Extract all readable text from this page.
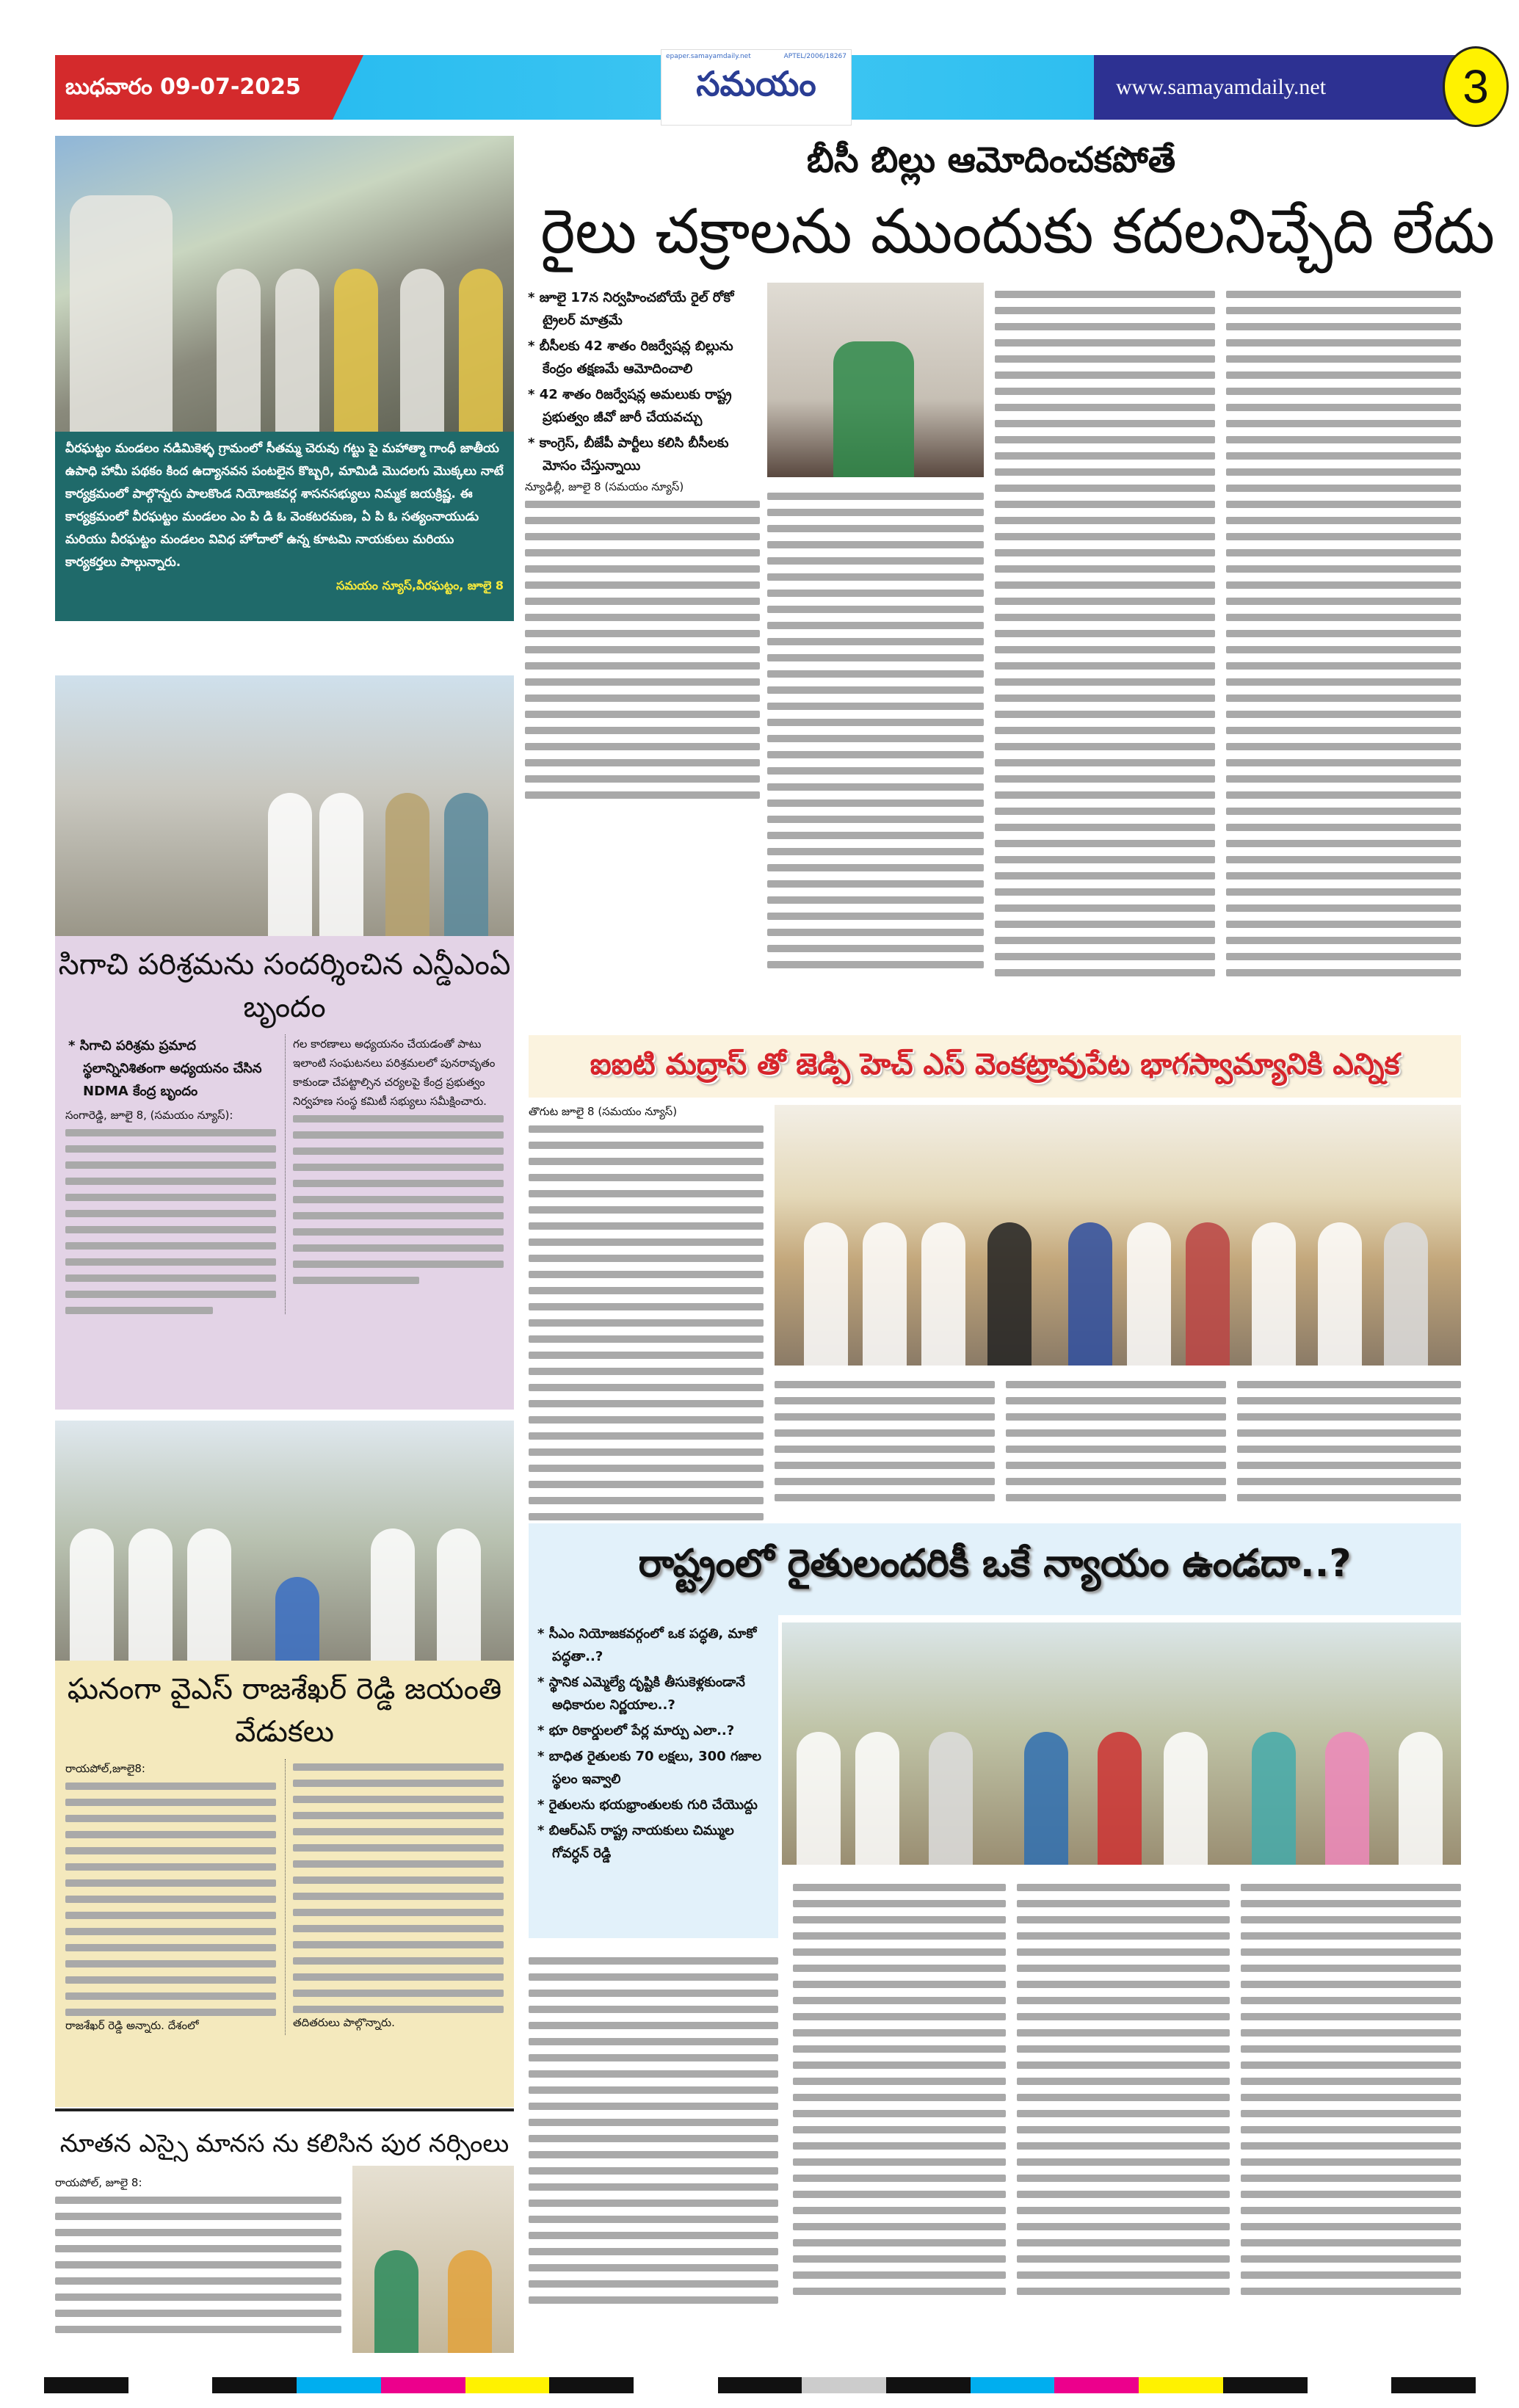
బుధవారం 09-07-2025
epaper.samayamdaily.net	APTEL/2006/18267
సమయం	www.samayamdaily.net	3
వీరఘట్టం మండలం నడిమికెళ్ళ గ్రామంలో సీతమ్మ చెరువు గట్టు పై మహాత్మా గాంధీ జాతీయ ఉపాధి హామీ పథకం కింద ఉద్యానవన పంటలైన కొబ్బరి, మామిడి మొదలగు మొక్కలు నాటే కార్యక్రమంలో పాల్గొన్నరు పాలకొండ నియోజకవర్గ శాసనసభ్యులు నిమ్మక జయక్రిష్ణ. ఈ కార్యక్రమంలో వీరఘట్టం మండలం ఎం పి డి ఓ వెంకటరమణ, ఏ పి ఓ సత్యంనాయుడు మరియు వీరఘట్టం మండలం వివిధ హోదాలో ఉన్న కూటమి నాయకులు మరియు కార్యకర్తలు పాల్గున్నారు.
సమయం న్యూస్,వీరఘట్టం, జూలై 8
సిగాచి పరిశ్రమను సందర్శించిన ఎన్డీఎంఏ బృందం
* సిగాచి పరిశ్రమ ప్రమాద స్థలాన్నినిశితంగా అధ్యయనం చేసిన NDMA కేంద్ర బృందం
సంగారెడ్డి, జూలై 8, (సమయం న్యూస్):
గల కారణాలు అధ్యయనం చేయడంతో పాటు ఇలాంటి సంఘటనలు పరిశ్రమలలో పునరావృతం కాకుండా చేపట్టాల్సిన చర్యలపై కేంద్ర ప్రభుత్వం నిర్వహణ సంస్థ కమిటీ సభ్యులు సమీక్షించారు.
ఘనంగా వైఎస్ రాజశేఖర్ రెడ్డి జయంతి వేడుకలు
రాయపోల్,జూలై8:
రాజశేఖర్ రెడ్డి అన్నారు. దేశంలో	తదితరులు పాల్గొన్నారు.
నూతన ఎస్సై మానస ను కలిసిన పుర నర్సింలు
రాయపోల్, జూలై 8:
బీసీ బిల్లు ఆమోదించకపోతే
రైలు చక్రాలను ముందుకు కదలనిచ్చేది లేదు
* జూలై 17న నిర్వహించబోయే రైల్ రోకో ట్రైలర్ మాత్రమే
* బీసీలకు 42 శాతం రిజర్వేషన్ల బిల్లును కేంద్రం తక్షణమే ఆమోదించాలి
* 42 శాతం రిజర్వేషన్ల అమలుకు రాష్ట్ర ప్రభుత్వం జీవో జారీ చేయవచ్చు
* కాంగ్రెస్, బీజేపీ పార్టీలు కలిసి బీసీలకు మోసం చేస్తున్నాయి
న్యూఢిల్లీ, జూలై 8 (సమయం న్యూస్)
ఐఐటి మద్రాస్ తో జెడ్పి హెచ్ ఎస్ వెంకట్రావుపేట భాగస్వామ్యానికి ఎన్నిక
తొగుట జూలై 8 (సమయం న్యూస్)
రాష్ట్రంలో రైతులందరికీ ఒకే న్యాయం ఉండదా..?
* సీఎం నియోజకవర్గంలో ఒక పద్ధతి, మాకో పద్ధతా..?
* స్థానిక ఎమ్మెల్యే దృష్టికి తీసుకెళ్లకుండానే అధికారుల నిర్ణయాల..?
* భూ రికార్డులలో పేర్ల మార్పు ఎలా..?
* బాధిత రైతులకు 70 లక్షలు, 300 గజాల స్థలం ఇవ్వాలి
* రైతులను భయభ్రాంతులకు గురి చేయొద్దు
* బిఆర్ఎస్ రాష్ట్ర నాయకులు చిమ్ముల గోవర్ధన్ రెడ్డి
